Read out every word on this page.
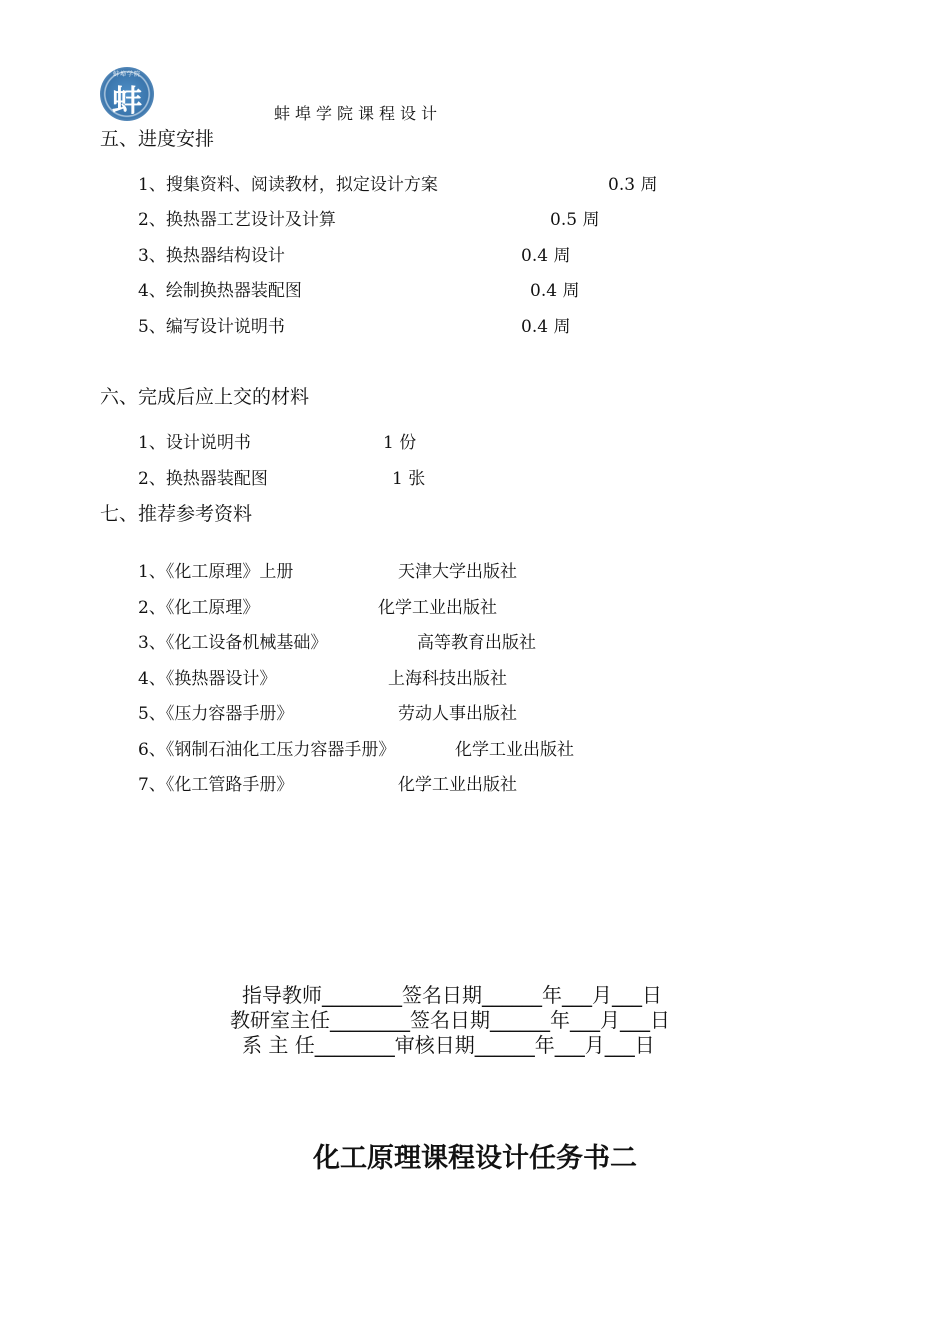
蚌埠学院
蚌	蚌埠学院课程设计
五、进度安排
1、搜集资料、阅读教材，拟定设计方案	0.3 周
2、换热器工艺设计及计算	0.5 周
3、换热器结构设计	0.4 周
4、绘制换热器装配图	0.4 周
5、编写设计说明书	0.4 周
六、完成后应上交的材料
1、设计说明书	1 份
2、换热器装配图	1 张
七、推荐参考资料
1、《化工原理》上册	天津大学出版社
2、《化工原理》	化学工业出版社
3、《化工设备机械基础》	高等教育出版社
4、《换热器设计》	上海科技出版社
5、《压力容器手册》	劳动人事出版社
6、《钢制石油化工压力容器手册》	化学工业出版社
7、《化工管路手册》	化学工业出版社
指导教师________签名日期______年___月___日
教研室主任________签名日期______年___月___日
系 主 任________审核日期______年___月___日
化工原理课程设计任务书二
